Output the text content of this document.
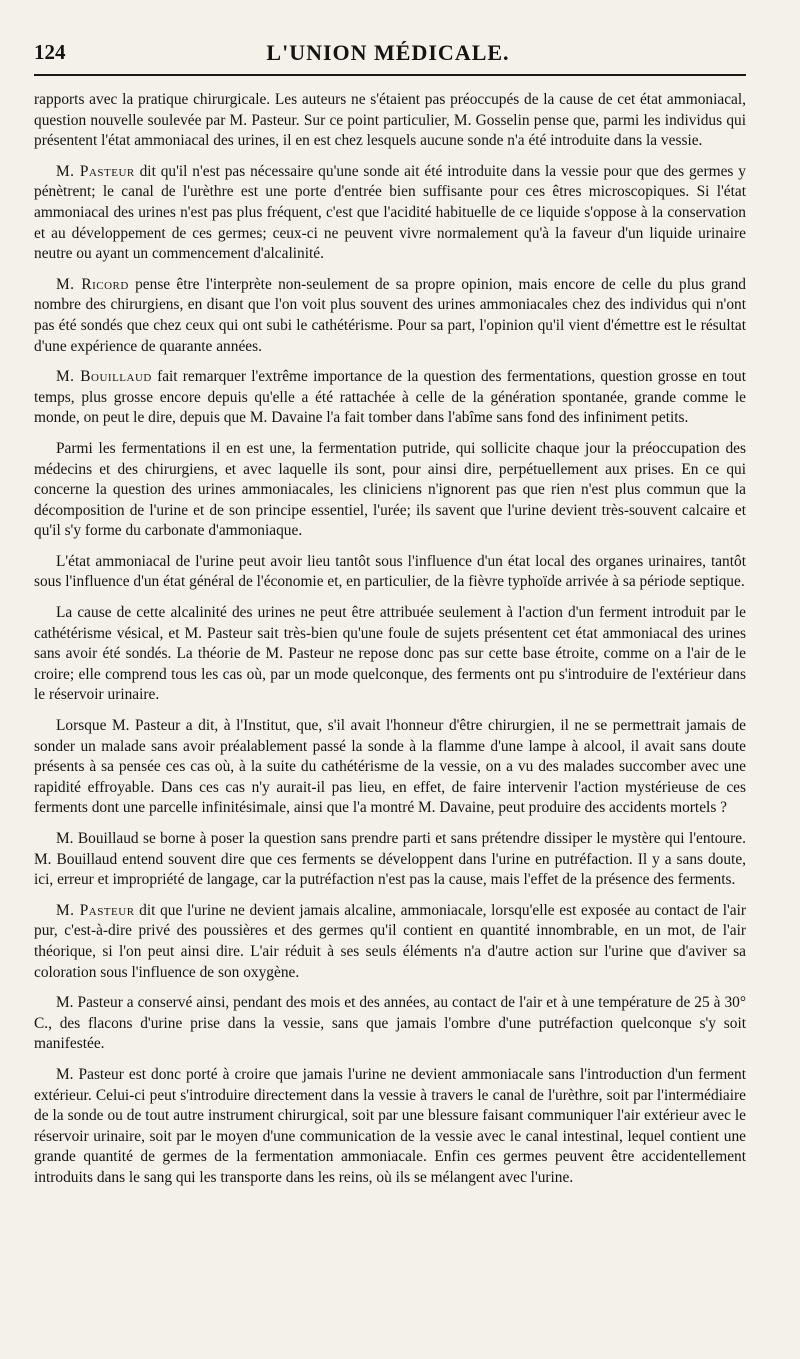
124	L'UNION MÉDICALE.

rapports avec la pratique chirurgicale. Les auteurs ne s'étaient pas préoccupés de la cause de cet état ammoniacal, question nouvelle soulevée par M. Pasteur. Sur ce point particulier, M. Gosselin pense que, parmi les individus qui présentent l'état ammoniacal des urines, il en est chez lesquels aucune sonde n'a été introduite dans la vessie.

M. Pasteur dit qu'il n'est pas nécessaire qu'une sonde ait été introduite dans la vessie pour que des germes y pénètrent; le canal de l'urèthre est une porte d'entrée bien suffisante pour ces êtres microscopiques. Si l'état ammoniacal des urines n'est pas plus fréquent, c'est que l'acidité habituelle de ce liquide s'oppose à la conservation et au développement de ces germes; ceux-ci ne peuvent vivre normalement qu'à la faveur d'un liquide urinaire neutre ou ayant un commencement d'alcalinité.

M. Ricord pense être l'interprète non-seulement de sa propre opinion, mais encore de celle du plus grand nombre des chirurgiens, en disant que l'on voit plus souvent des urines ammoniacales chez des individus qui n'ont pas été sondés que chez ceux qui ont subi le cathétérisme. Pour sa part, l'opinion qu'il vient d'émettre est le résultat d'une expérience de quarante années.

M. Bouillaud fait remarquer l'extrême importance de la question des fermentations, question grosse en tout temps, plus grosse encore depuis qu'elle a été rattachée à celle de la génération spontanée, grande comme le monde, on peut le dire, depuis que M. Davaine l'a fait tomber dans l'abîme sans fond des infiniment petits.

Parmi les fermentations il en est une, la fermentation putride, qui sollicite chaque jour la préoccupation des médecins et des chirurgiens, et avec laquelle ils sont, pour ainsi dire, perpétuellement aux prises. En ce qui concerne la question des urines ammoniacales, les cliniciens n'ignorent pas que rien n'est plus commun que la décomposition de l'urine et de son principe essentiel, l'urée; ils savent que l'urine devient très-souvent calcaire et qu'il s'y forme du carbonate d'ammoniaque.

L'état ammoniacal de l'urine peut avoir lieu tantôt sous l'influence d'un état local des organes urinaires, tantôt sous l'influence d'un état général de l'économie et, en particulier, de la fièvre typhoïde arrivée à sa période septique.

La cause de cette alcalinité des urines ne peut être attribuée seulement à l'action d'un ferment introduit par le cathétérisme vésical, et M. Pasteur sait très-bien qu'une foule de sujets présentent cet état ammoniacal des urines sans avoir été sondés. La théorie de M. Pasteur ne repose donc pas sur cette base étroite, comme on a l'air de le croire; elle comprend tous les cas où, par un mode quelconque, des ferments ont pu s'introduire de l'extérieur dans le réservoir urinaire.

Lorsque M. Pasteur a dit, à l'Institut, que, s'il avait l'honneur d'être chirurgien, il ne se permettrait jamais de sonder un malade sans avoir préalablement passé la sonde à la flamme d'une lampe à alcool, il avait sans doute présents à sa pensée ces cas où, à la suite du cathétérisme de la vessie, on a vu des malades succomber avec une rapidité effroyable. Dans ces cas n'y aurait-il pas lieu, en effet, de faire intervenir l'action mystérieuse de ces ferments dont une parcelle infinitésimale, ainsi que l'a montré M. Davaine, peut produire des accidents mortels ?

M. Bouillaud se borne à poser la question sans prendre parti et sans prétendre dissiper le mystère qui l'entoure. M. Bouillaud entend souvent dire que ces ferments se développent dans l'urine en putréfaction. Il y a sans doute, ici, erreur et impropriété de langage, car la putréfaction n'est pas la cause, mais l'effet de la présence des ferments.

M. Pasteur dit que l'urine ne devient jamais alcaline, ammoniacale, lorsqu'elle est exposée au contact de l'air pur, c'est-à-dire privé des poussières et des germes qu'il contient en quantité innombrable, en un mot, de l'air théorique, si l'on peut ainsi dire. L'air réduit à ses seuls éléments n'a d'autre action sur l'urine que d'aviver sa coloration sous l'influence de son oxygène.

M. Pasteur a conservé ainsi, pendant des mois et des années, au contact de l'air et à une température de 25 à 30° C., des flacons d'urine prise dans la vessie, sans que jamais l'ombre d'une putréfaction quelconque s'y soit manifestée.

M. Pasteur est donc porté à croire que jamais l'urine ne devient ammoniacale sans l'introduction d'un ferment extérieur. Celui-ci peut s'introduire directement dans la vessie à travers le canal de l'urèthre, soit par l'intermédiaire de la sonde ou de tout autre instrument chirurgical, soit par une blessure faisant communiquer l'air extérieur avec le réservoir urinaire, soit par le moyen d'une communication de la vessie avec le canal intestinal, lequel contient une grande quantité de germes de la fermentation ammoniacale. Enfin ces germes peuvent être accidentellement introduits dans le sang qui les transporte dans les reins, où ils se mélangent avec l'urine.
